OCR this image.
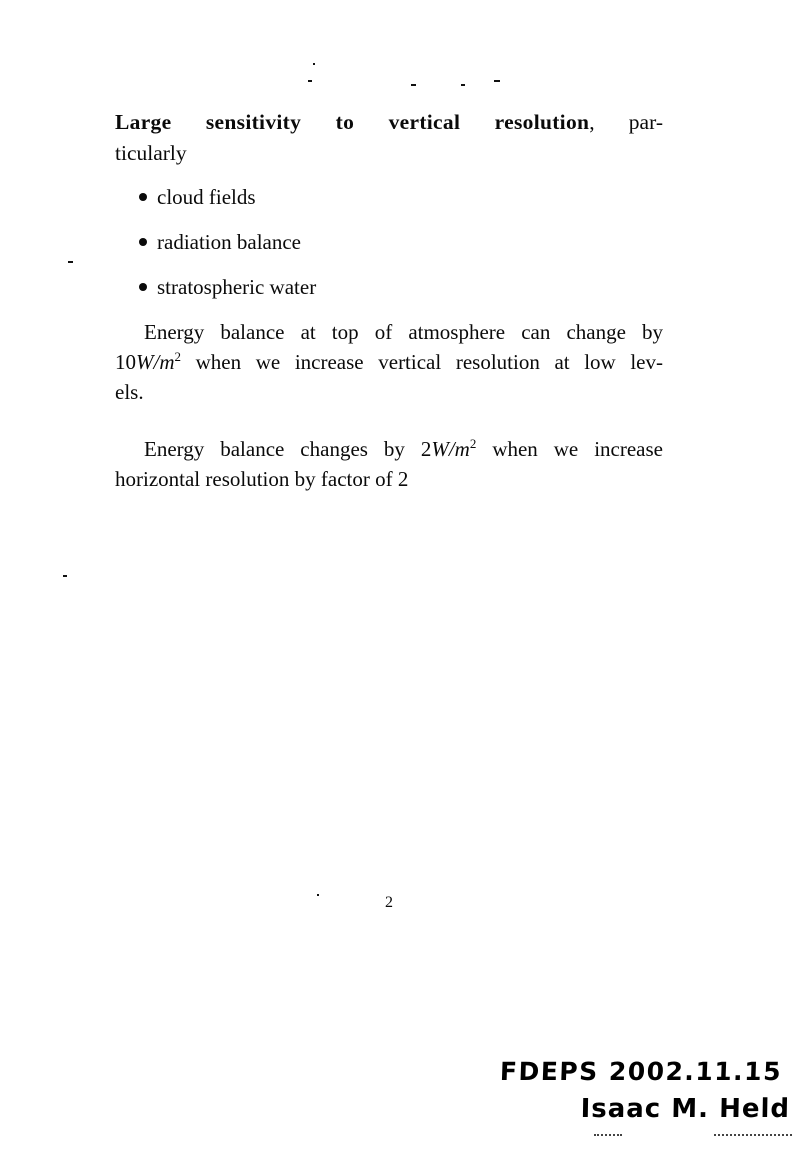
Large sensitivity to vertical resolution, par-
ticularly
cloud fields
radiation balance
stratospheric water
Energy balance at top of atmosphere can change by
$10W/m^2$ when we increase vertical resolution at low lev-
els.
Energy balance changes by $2W/m^2$ when we increase
horizontal resolution by factor of 2
2
FDEPS 2002.11.15
Isaac M. Held
